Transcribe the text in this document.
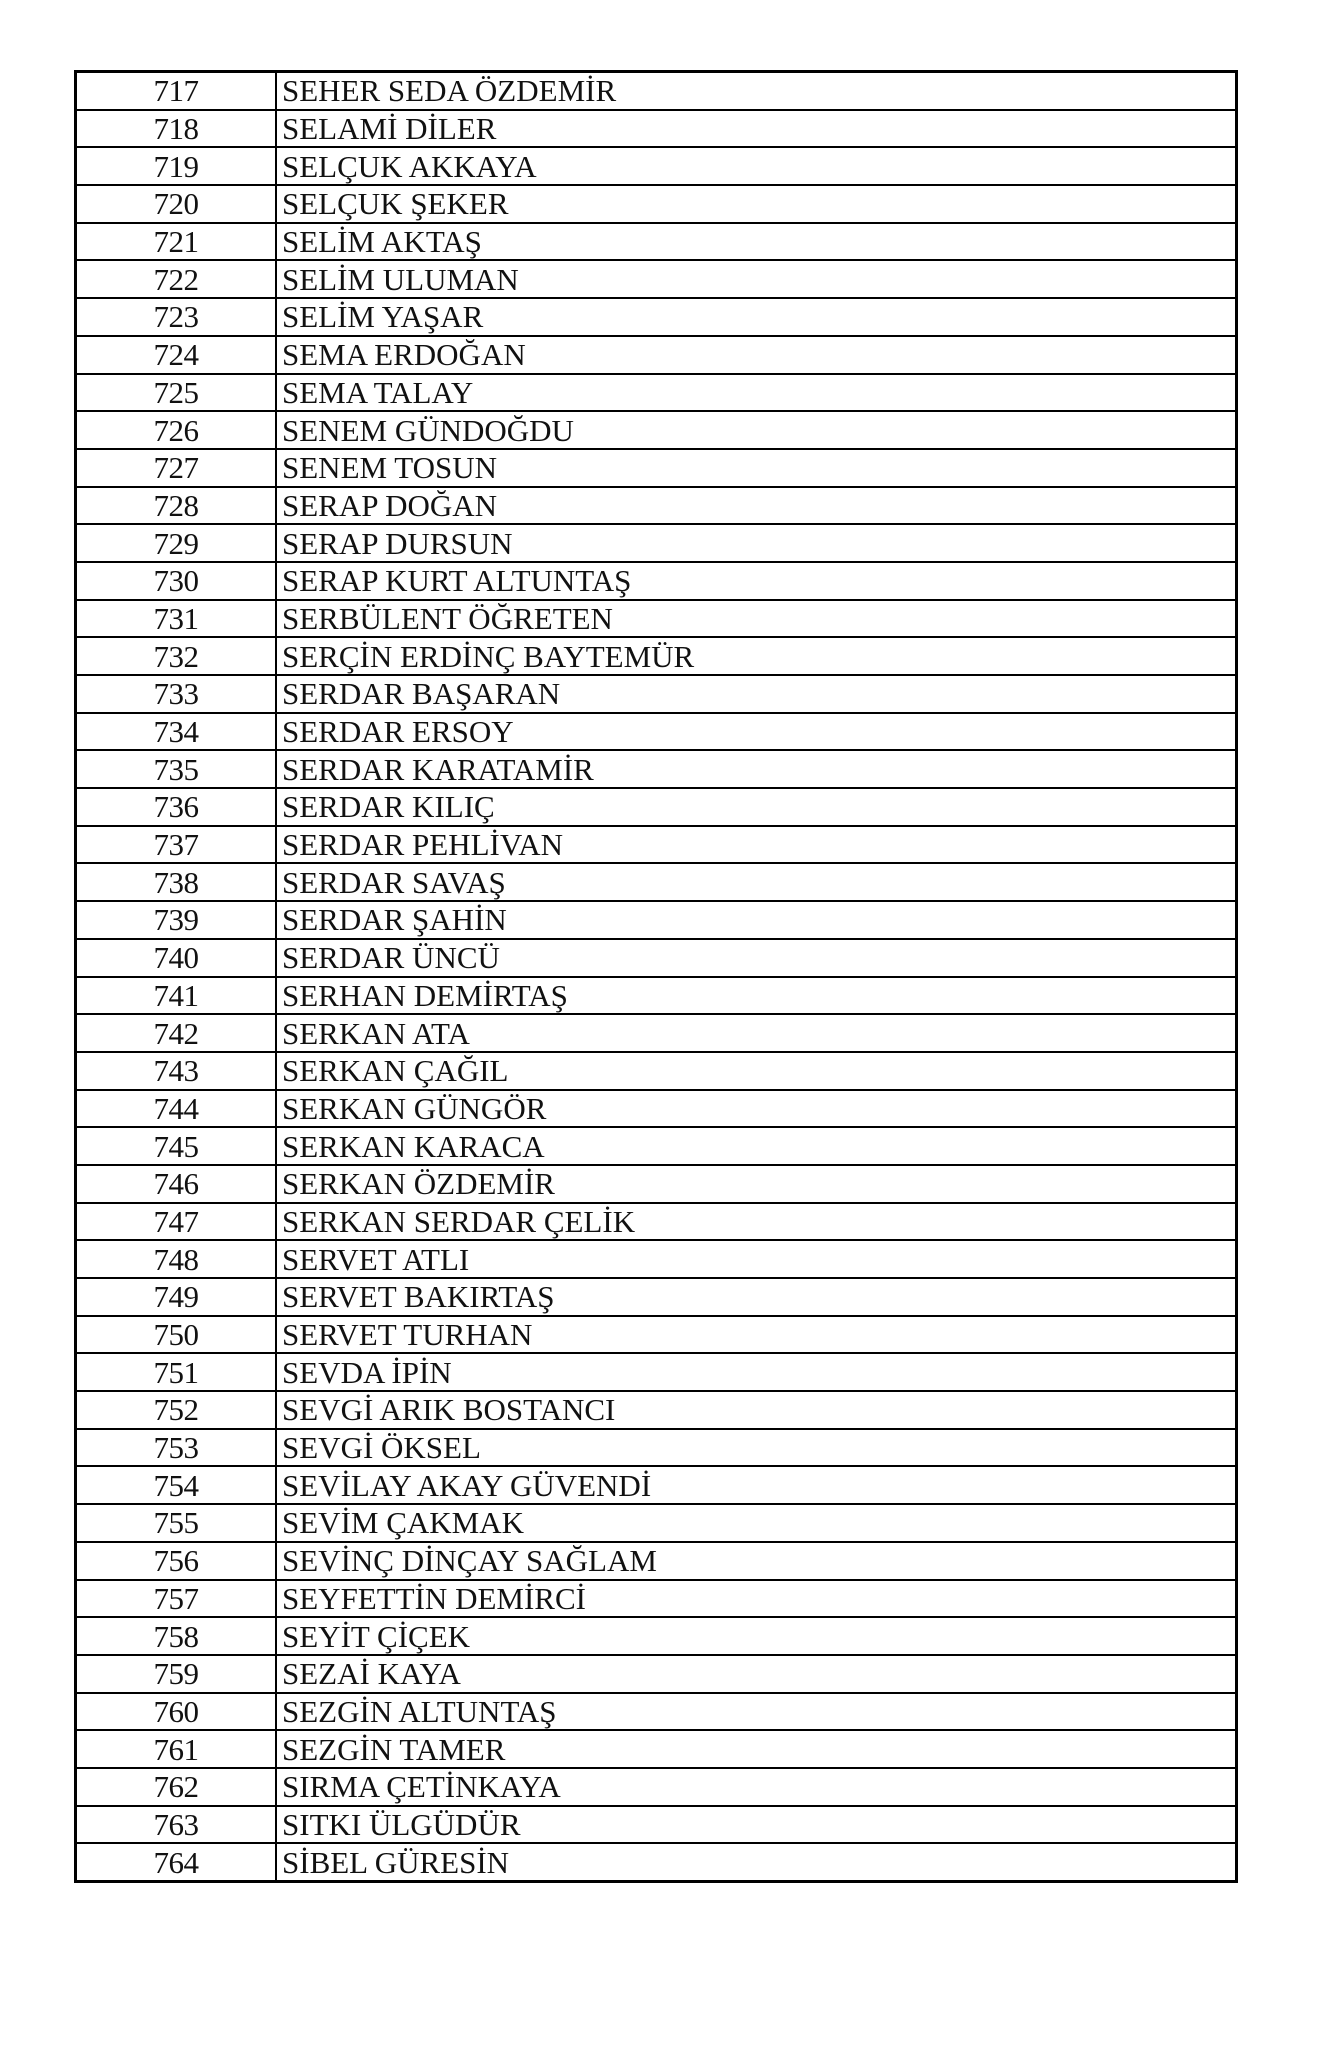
717	SEHER SEDA ÖZDEMİR
718	SELAMİ DİLER
719	SELÇUK AKKAYA
720	SELÇUK ŞEKER
721	SELİM AKTAŞ
722	SELİM ULUMAN
723	SELİM YAŞAR
724	SEMA ERDOĞAN
725	SEMA TALAY
726	SENEM GÜNDOĞDU
727	SENEM TOSUN
728	SERAP DOĞAN
729	SERAP DURSUN
730	SERAP KURT ALTUNTAŞ
731	SERBÜLENT ÖĞRETEN
732	SERÇİN ERDİNÇ BAYTEMÜR
733	SERDAR BAŞARAN
734	SERDAR ERSOY
735	SERDAR KARATAMİR
736	SERDAR KILIÇ
737	SERDAR PEHLİVAN
738	SERDAR SAVAŞ
739	SERDAR ŞAHİN
740	SERDAR ÜNCÜ
741	SERHAN DEMİRTAŞ
742	SERKAN ATA
743	SERKAN ÇAĞIL
744	SERKAN GÜNGÖR
745	SERKAN KARACA
746	SERKAN ÖZDEMİR
747	SERKAN SERDAR ÇELİK
748	SERVET ATLI
749	SERVET BAKIRTAŞ
750	SERVET TURHAN
751	SEVDA İPİN
752	SEVGİ ARIK BOSTANCI
753	SEVGİ ÖKSEL
754	SEVİLAY AKAY GÜVENDİ
755	SEVİM ÇAKMAK
756	SEVİNÇ DİNÇAY SAĞLAM
757	SEYFETTİN DEMİRCİ
758	SEYİT ÇİÇEK
759	SEZAİ KAYA
760	SEZGİN ALTUNTAŞ
761	SEZGİN TAMER
762	SIRMA ÇETİNKAYA
763	SITKI ÜLGÜDÜR
764	SİBEL GÜRESİN
